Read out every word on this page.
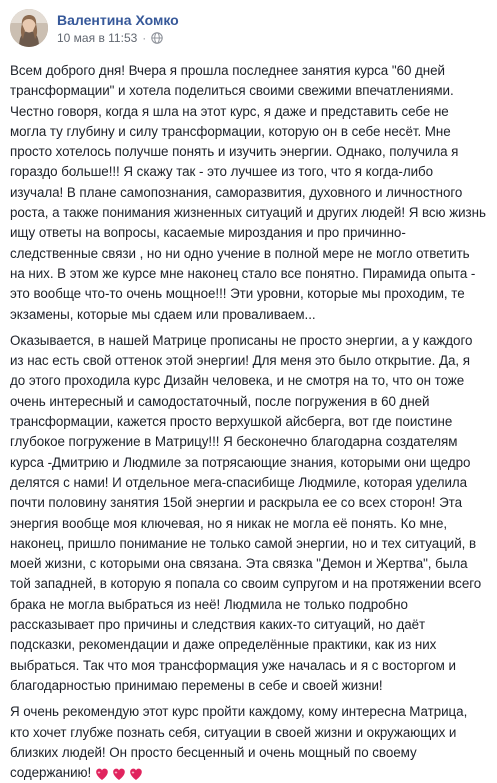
Валентина Хомко
10 мая в 11:53 ·

Всем доброго дня! Вчера я прошла последнее занятия курса "60 дней трансформации" и хотела поделиться своими свежими впечатлениями. Честно говоря, когда я шла на этот курс, я даже и представить себе не могла ту глубину и силу трансформации, которую он в себе несёт. Мне просто хотелось получше понять и изучить энергии. Однако, получила я гораздо больше!!! Я скажу так - это лучшее из того, что я когда-либо изучала! В плане самопознания, саморазвития, духовного и личностного роста, а также понимания жизненных ситуаций и других людей! Я всю жизнь ищу ответы на вопросы, касаемые мироздания и про причинно-следственные связи , но ни одно учение в полной мере не могло ответить на них. В этом же курсе мне наконец стало все понятно. Пирамида опыта - это вообще что-то очень мощное!!! Эти уровни, которые мы проходим, те экзамены, которые мы сдаем или проваливаем...

Оказывается, в нашей Матрице прописаны не просто энергии, а у каждого из нас есть свой оттенок этой энергии! Для меня это было открытие. Да, я до этого проходила курс Дизайн человека, и не смотря на то, что он тоже очень интересный и самодостаточный, после погружения в 60 дней трансформации, кажется просто верхушкой айсберга, вот где поистине глубокое погружение в Матрицу!!! Я бесконечно благодарна создателям курса -Дмитрию и Людмиле за потрясающие знания, которыми они щедро делятся с нами! И отдельное мега-спасибище Людмиле, которая уделила почти половину занятия 15ой энергии и раскрыла ее со всех сторон! Эта энергия вообще моя ключевая, но я никак не могла её понять. Ко мне, наконец, пришло понимание не только самой энергии, но и тех ситуаций, в моей жизни, с которыми она связана. Эта связка "Демон и Жертва", была той западней, в которую я попала со своим супругом и на протяжении всего брака не могла выбраться из неё! Людмила не только подробно рассказывает про причины и следствия каких-то ситуаций, но даёт подсказки, рекомендации и даже определённые практики, как из них выбраться. Так что моя трансформация уже началась и я с восторгом и благодарностью принимаю перемены в себе и своей жизни!

Я очень рекомендую этот курс пройти каждому, кому интересна Матрица, кто хочет глубже познать себя, ситуации в своей жизни и окружающих и близких людей! Он просто бесценный и очень мощный по своему содержанию!
